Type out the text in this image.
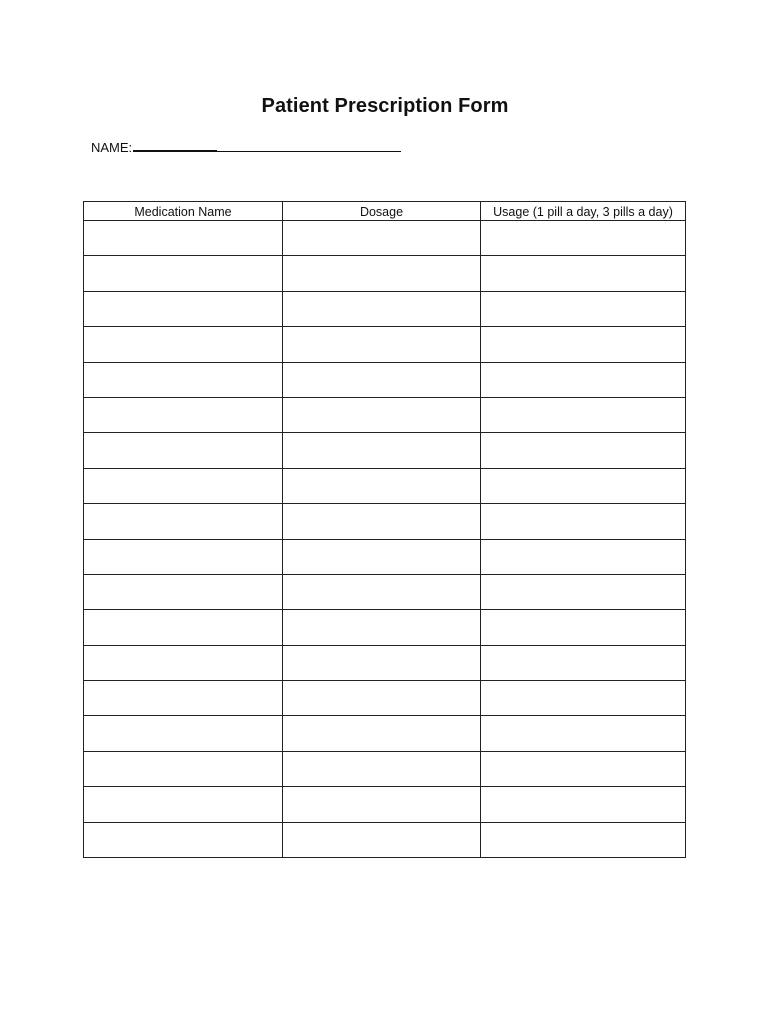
Patient Prescription Form
NAME:
Medication Name	Dosage	Usage (1 pill a day, 3 pills a day)
